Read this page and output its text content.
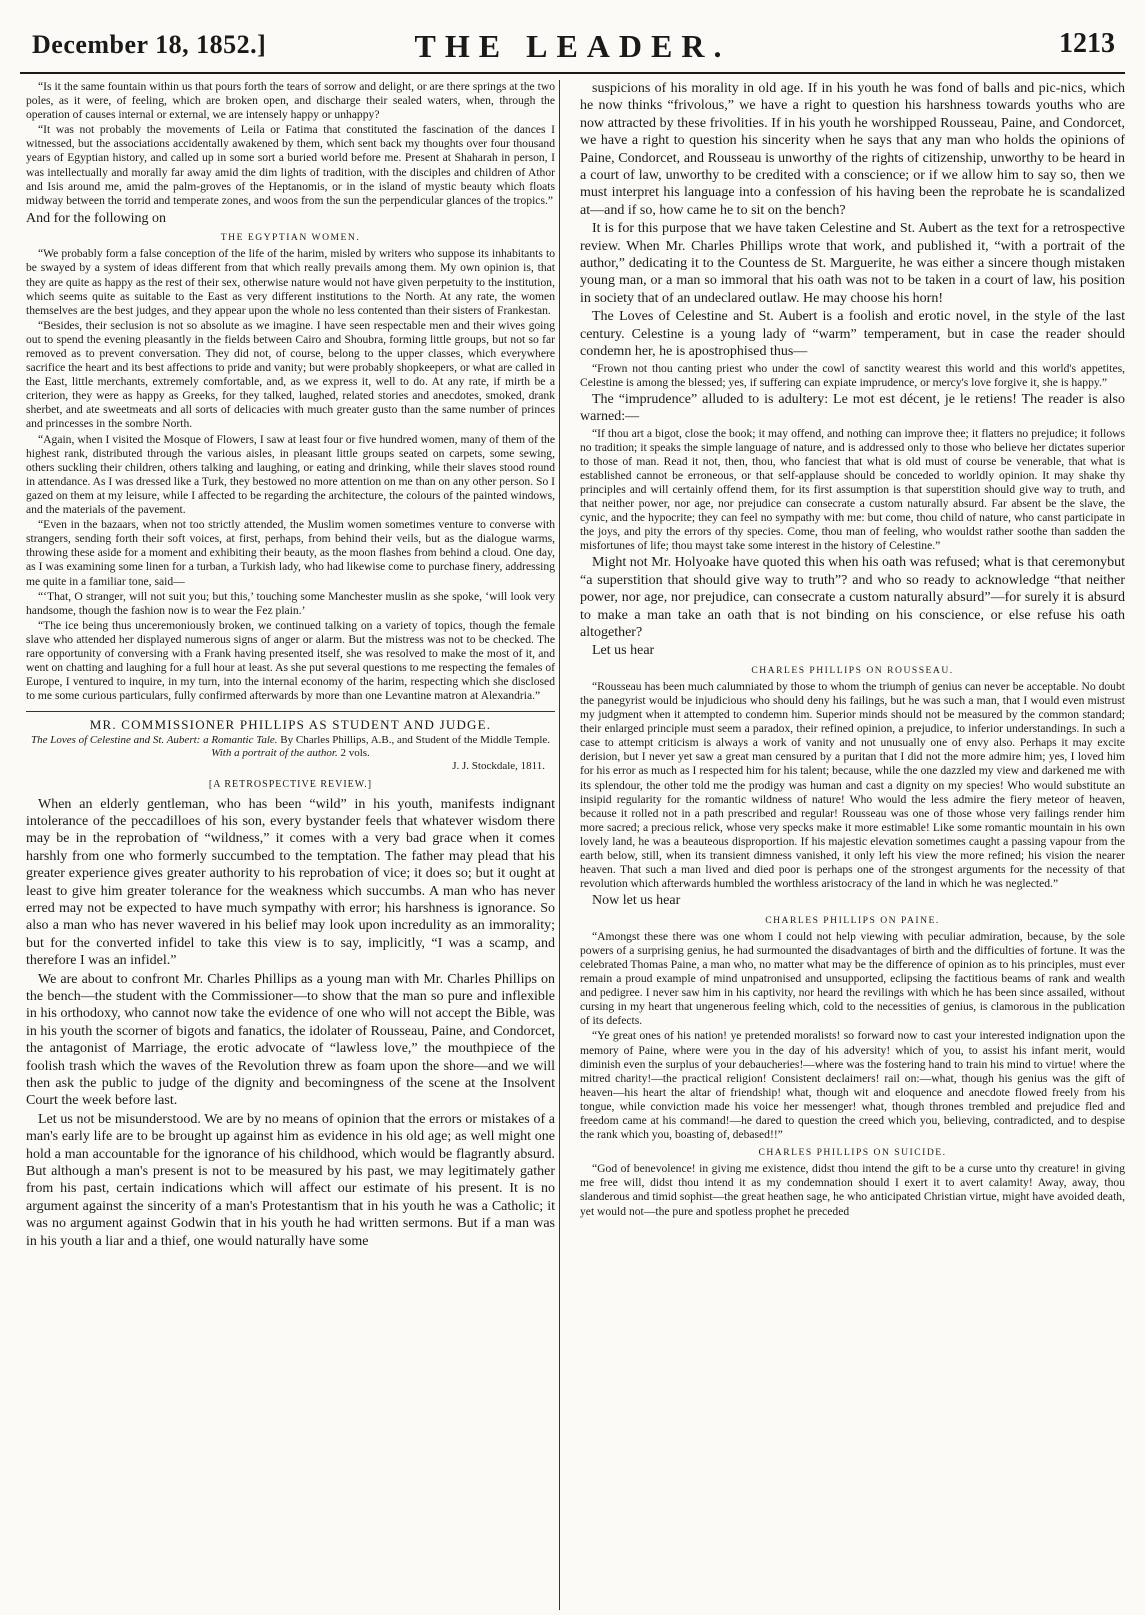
December 18, 1852.]	THE LEADER.	1213

“Is it the same fountain within us that pours forth the tears of sorrow and delight, or are there springs at the two poles, as it were, of feeling, which are broken open, and discharge their sealed waters, when, through the operation of causes internal or external, we are intensely happy or unhappy?

“It was not probably the movements of Leila or Fatima that constituted the fascination of the dances I witnessed, but the associations accidentally awakened by them, which sent back my thoughts over four thousand years of Egyptian history, and called up in some sort a buried world before me. Present at Shaharah in person, I was intellectually and morally far away amid the dim lights of tradition, with the disciples and children of Athor and Isis around me, amid the palm-groves of the Heptanomis, or in the island of mystic beauty which floats midway between the torrid and temperate zones, and woos from the sun the perpendicular glances of the tropics.”

And for the following on

THE EGYPTIAN WOMEN.

“We probably form a false conception of the life of the harim, misled by writers who suppose its inhabitants to be swayed by a system of ideas different from that which really prevails among them. My own opinion is, that they are quite as happy as the rest of their sex, otherwise nature would not have given perpetuity to the institution, which seems quite as suitable to the East as very different institutions to the North. At any rate, the women themselves are the best judges, and they appear upon the whole no less contented than their sisters of Frankestan.

“Besides, their seclusion is not so absolute as we imagine. I have seen respectable men and their wives going out to spend the evening pleasantly in the fields between Cairo and Shoubra, forming little groups, but not so far removed as to prevent conversation. They did not, of course, belong to the upper classes, which everywhere sacrifice the heart and its best affections to pride and vanity; but were probably shopkeepers, or what are called in the East, little merchants, extremely comfortable, and, as we express it, well to do. At any rate, if mirth be a criterion, they were as happy as Greeks, for they talked, laughed, related stories and anecdotes, smoked, drank sherbet, and ate sweetmeats and all sorts of delicacies with much greater gusto than the same number of princes and princesses in the sombre North.

“Again, when I visited the Mosque of Flowers, I saw at least four or five hundred women, many of them of the highest rank, distributed through the various aisles, in pleasant little groups seated on carpets, some sewing, others suckling their children, others talking and laughing, or eating and drinking, while their slaves stood round in attendance. As I was dressed like a Turk, they bestowed no more attention on me than on any other person. So I gazed on them at my leisure, while I affected to be regarding the architecture, the colours of the painted windows, and the materials of the pavement.

“Even in the bazaars, when not too strictly attended, the Muslim women sometimes venture to converse with strangers, sending forth their soft voices, at first, perhaps, from behind their veils, but as the dialogue warms, throwing these aside for a moment and exhibiting their beauty, as the moon flashes from behind a cloud. One day, as I was examining some linen for a turban, a Turkish lady, who had likewise come to purchase finery, addressing me quite in a familiar tone, said—

“‘That, O stranger, will not suit you; but this,’ touching some Manchester muslin as she spoke, ‘will look very handsome, though the fashion now is to wear the Fez plain.’

“The ice being thus unceremoniously broken, we continued talking on a variety of topics, though the female slave who attended her displayed numerous signs of anger or alarm. But the mistress was not to be checked. The rare opportunity of conversing with a Frank having presented itself, she was resolved to make the most of it, and went on chatting and laughing for a full hour at least. As she put several questions to me respecting the females of Europe, I ventured to inquire, in my turn, into the internal economy of the harim, respecting which she disclosed to me some curious particulars, fully confirmed afterwards by more than one Levantine matron at Alexandria.”

MR. COMMISSIONER PHILLIPS AS STUDENT AND JUDGE.
The Loves of Celestine and St. Aubert: a Romantic Tale. By Charles Phillips, A.B., and Student of the Middle Temple. With a portrait of the author. 2 vols.
J. J. Stockdale, 1811.
[A RETROSPECTIVE REVIEW.]

When an elderly gentleman, who has been “wild” in his youth, manifests indignant intolerance of the peccadilloes of his son, every bystander feels that whatever wisdom there may be in the reprobation of “wildness,” it comes with a very bad grace when it comes harshly from one who formerly succumbed to the temptation. The father may plead that his greater experience gives greater authority to his reprobation of vice; it does so; but it ought at least to give him greater tolerance for the weakness which succumbs. A man who has never erred may not be expected to have much sympathy with error; his harshness is ignorance. So also a man who has never wavered in his belief may look upon incredulity as an immorality; but for the converted infidel to take this view is to say, implicitly, “I was a scamp, and therefore I was an infidel.”

We are about to confront Mr. Charles Phillips as a young man with Mr. Charles Phillips on the bench—the student with the Commissioner—to show that the man so pure and inflexible in his orthodoxy, who cannot now take the evidence of one who will not accept the Bible, was in his youth the scorner of bigots and fanatics, the idolater of Rousseau, Paine, and Condorcet, the antagonist of Marriage, the erotic advocate of “lawless love,” the mouthpiece of the foolish trash which the waves of the Revolution threw as foam upon the shore—and we will then ask the public to judge of the dignity and becomingness of the scene at the Insolvent Court the week before last.

Let us not be misunderstood. We are by no means of opinion that the errors or mistakes of a man's early life are to be brought up against him as evidence in his old age; as well might one hold a man accountable for the ignorance of his childhood, which would be flagrantly absurd. But although a man's present is not to be measured by his past, we may legitimately gather from his past, certain indications which will affect our estimate of his present. It is no argument against the sincerity of a man's Protestantism that in his youth he was a Catholic; it was no argument against Godwin that in his youth he had written sermons. But if a man was in his youth a liar and a thief, one would naturally have some

suspicions of his morality in old age. If in his youth he was fond of balls and pic-nics, which he now thinks “frivolous,” we have a right to question his harshness towards youths who are now attracted by these frivolities. If in his youth he worshipped Rousseau, Paine, and Condorcet, we have a right to question his sincerity when he says that any man who holds the opinions of Paine, Condorcet, and Rousseau is unworthy of the rights of citizenship, unworthy to be heard in a court of law, unworthy to be credited with a conscience; or if we allow him to say so, then we must interpret his language into a confession of his having been the reprobate he is scandalized at—and if so, how came he to sit on the bench?

It is for this purpose that we have taken Celestine and St. Aubert as the text for a retrospective review. When Mr. Charles Phillips wrote that work, and published it, “with a portrait of the author,” dedicating it to the Countess de St. Marguerite, he was either a sincere though mistaken young man, or a man so immoral that his oath was not to be taken in a court of law, his position in society that of an undeclared outlaw. He may choose his horn!

The Loves of Celestine and St. Aubert is a foolish and erotic novel, in the style of the last century. Celestine is a young lady of “warm” temperament, but in case the reader should condemn her, he is apostrophised thus—

“Frown not thou canting priest who under the cowl of sanctity wearest this world and this world's appetites, Celestine is among the blessed; yes, if suffering can expiate imprudence, or mercy's love forgive it, she is happy.”

The “imprudence” alluded to is adultery: Le mot est décent, je le retiens! The reader is also warned:—

“If thou art a bigot, close the book; it may offend, and nothing can improve thee; it flatters no prejudice; it follows no tradition; it speaks the simple language of nature, and is addressed only to those who believe her dictates superior to those of man. Read it not, then, thou, who fanciest that what is old must of course be venerable, that what is established cannot be erroneous, or that self-applause should be conceded to worldly opinion. It may shake thy principles and will certainly offend them, for its first assumption is that superstition should give way to truth, and that neither power, nor age, nor prejudice can consecrate a custom naturally absurd. Far absent be the slave, the cynic, and the hypocrite; they can feel no sympathy with me: but come, thou child of nature, who canst participate in the joys, and pity the errors of thy species. Come, thou man of feeling, who wouldst rather soothe than sadden the misfortunes of life; thou mayst take some interest in the history of Celestine.”

Might not Mr. Holyoake have quoted this when his oath was refused; what is that ceremonybut “a superstition that should give way to truth”? and who so ready to acknowledge “that neither power, nor age, nor prejudice, can consecrate a custom naturally absurd”—for surely it is absurd to make a man take an oath that is not binding on his conscience, or else refuse his oath altogether?

Let us hear

CHARLES PHILLIPS ON ROUSSEAU.

“Rousseau has been much calumniated by those to whom the triumph of genius can never be acceptable. No doubt the panegyrist would be injudicious who should deny his failings, but he was such a man, that I would even mistrust my judgment when it attempted to condemn him. Superior minds should not be measured by the common standard; their enlarged principle must seem a paradox, their refined opinion, a prejudice, to inferior understandings. In such a case to attempt criticism is always a work of vanity and not unusually one of envy also. Perhaps it may excite derision, but I never yet saw a great man censured by a puritan that I did not the more admire him; yes, I loved him for his error as much as I respected him for his talent; because, while the one dazzled my view and darkened me with its splendour, the other told me the prodigy was human and cast a dignity on my species! Who would substitute an insipid regularity for the romantic wildness of nature! Who would the less admire the fiery meteor of heaven, because it rolled not in a path prescribed and regular! Rousseau was one of those whose very failings render him more sacred; a precious relick, whose very specks make it more estimable! Like some romantic mountain in his own lovely land, he was a beauteous disproportion. If his majestic elevation sometimes caught a passing vapour from the earth below, still, when its transient dimness vanished, it only left his view the more refined; his vision the nearer heaven. That such a man lived and died poor is perhaps one of the strongest arguments for the necessity of that revolution which afterwards humbled the worthless aristocracy of the land in which he was neglected.”

Now let us hear

CHARLES PHILLIPS ON PAINE.

“Amongst these there was one whom I could not help viewing with peculiar admiration, because, by the sole powers of a surprising genius, he had surmounted the disadvantages of birth and the difficulties of fortune. It was the celebrated Thomas Paine, a man who, no matter what may be the difference of opinion as to his principles, must ever remain a proud example of mind unpatronised and unsupported, eclipsing the factitious beams of rank and wealth and pedigree. I never saw him in his captivity, nor heard the revilings with which he has been since assailed, without cursing in my heart that ungenerous feeling which, cold to the necessities of genius, is clamorous in the publication of its defects.

“Ye great ones of his nation! ye pretended moralists! so forward now to cast your interested indignation upon the memory of Paine, where were you in the day of his adversity! which of you, to assist his infant merit, would diminish even the surplus of your debaucheries!—where was the fostering hand to train his mind to virtue! where the mitred charity!—the practical religion! Consistent declaimers! rail on:—what, though his genius was the gift of heaven—his heart the altar of friendship! what, though wit and eloquence and anecdote flowed freely from his tongue, while conviction made his voice her messenger! what, though thrones trembled and prejudice fled and freedom came at his command!—he dared to question the creed which you, believing, contradicted, and to despise the rank which you, boasting of, debased!!”

CHARLES PHILLIPS ON SUICIDE.

“God of benevolence! in giving me existence, didst thou intend the gift to be a curse unto thy creature! in giving me free will, didst thou intend it as my condemnation should I exert it to avert calamity! Away, away, thou slanderous and timid sophist—the great heathen sage, he who anticipated Christian virtue, might have avoided death, yet would not—the pure and spotless prophet he preceded
